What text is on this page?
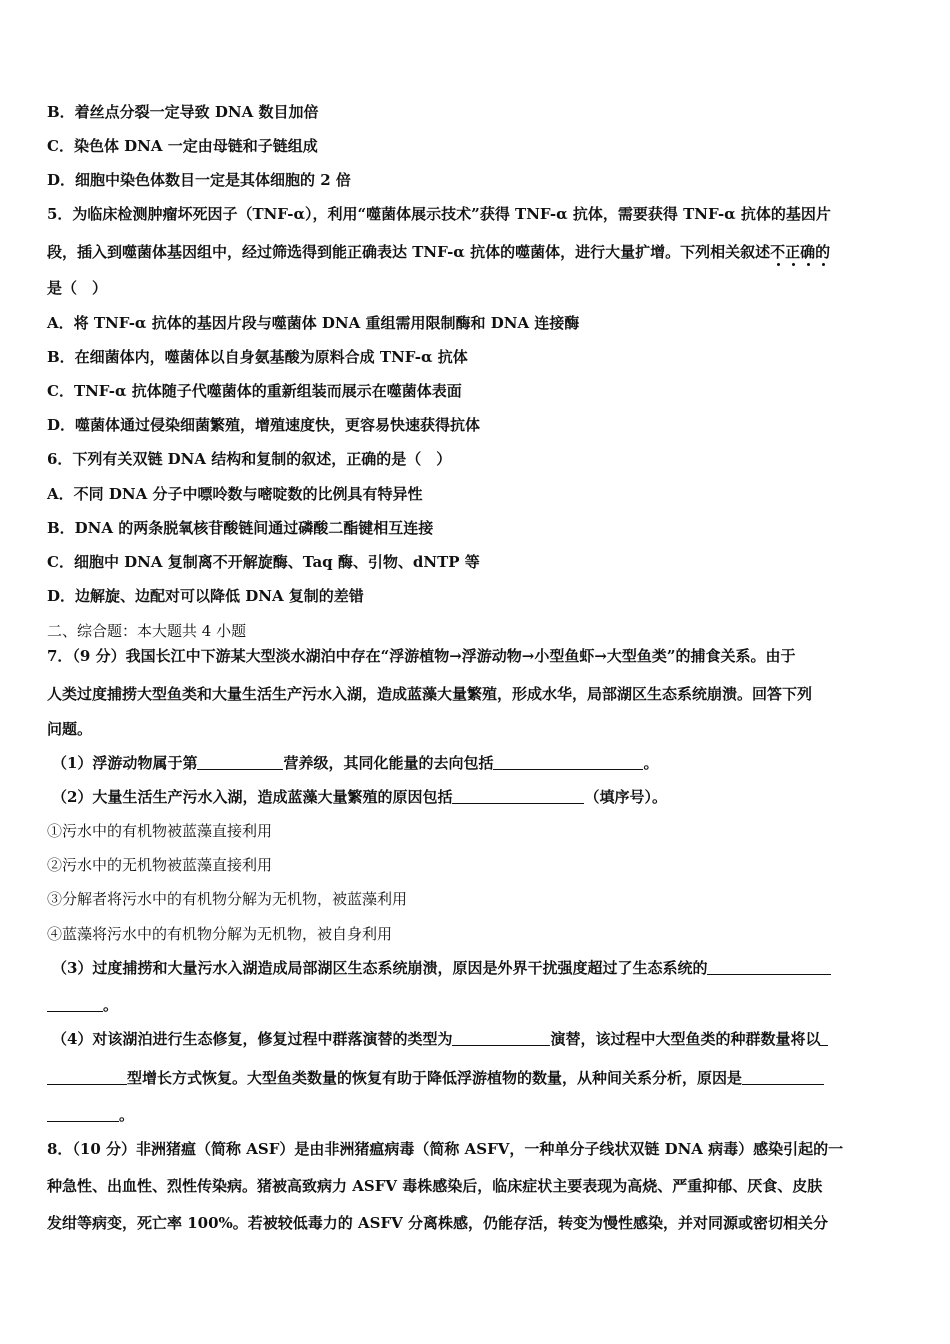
B．着丝点分裂一定导致 DNA 数目加倍
C．染色体 DNA 一定由母链和子链组成
D．细胞中染色体数目一定是其体细胞的 2 倍
5．为临床检测肿瘤坏死因子（TNF-α），利用“噬菌体展示技术”获得 TNF-α 抗体，需要获得 TNF-α 抗体的基因片
段，插入到噬菌体基因组中，经过筛选得到能正确表达 TNF-α 抗体的噬菌体，进行大量扩增。下列相关叙述不正确的
是（　）
A．将 TNF-α 抗体的基因片段与噬菌体 DNA 重组需用限制酶和 DNA 连接酶
B．在细菌体内，噬菌体以自身氨基酸为原料合成 TNF-α 抗体
C．TNF-α 抗体随子代噬菌体的重新组装而展示在噬菌体表面
D．噬菌体通过侵染细菌繁殖，增殖速度快，更容易快速获得抗体
6．下列有关双链 DNA 结构和复制的叙述，正确的是（　）
A．不同 DNA 分子中嘌呤数与嘧啶数的比例具有特异性
B．DNA 的两条脱氧核苷酸链间通过磷酸二酯键相互连接
C．细胞中 DNA 复制离不开解旋酶、Taq 酶、引物、dNTP 等
D．边解旋、边配对可以降低 DNA 复制的差错
二、综合题：本大题共 4 小题
7．（9 分）我国长江中下游某大型淡水湖泊中存在“浮游植物→浮游动物→小型鱼虾→大型鱼类”的捕食关系。由于
人类过度捕捞大型鱼类和大量生活生产污水入湖，造成蓝藻大量繁殖，形成水华，局部湖区生态系统崩溃。回答下列
问题。
（1）浮游动物属于第	营养级，其同化能量的去向包括	。
（2）大量生活生产污水入湖，造成蓝藻大量繁殖的原因包括	（填序号）。
①污水中的有机物被蓝藻直接利用
②污水中的无机物被蓝藻直接利用
③分解者将污水中的有机物分解为无机物，被蓝藻利用
④蓝藻将污水中的有机物分解为无机物，被自身利用
（3）过度捕捞和大量污水入湖造成局部湖区生态系统崩溃，原因是外界干扰强度超过了生态系统的
。
（4）对该湖泊进行生态修复，修复过程中群落演替的类型为	演替，该过程中大型鱼类的种群数量将以
型增长方式恢复。大型鱼类数量的恢复有助于降低浮游植物的数量，从种间关系分析，原因是
。
8．（10 分）非洲猪瘟（简称 ASF）是由非洲猪瘟病毒（简称 ASFV，一种单分子线状双链 DNA 病毒）感染引起的一
种急性、出血性、烈性传染病。猪被高致病力 ASFV 毒株感染后，临床症状主要表现为高烧、严重抑郁、厌食、皮肤
发绀等病变，死亡率 100%。若被较低毒力的 ASFV 分离株感，仍能存活，转变为慢性感染，并对同源或密切相关分
